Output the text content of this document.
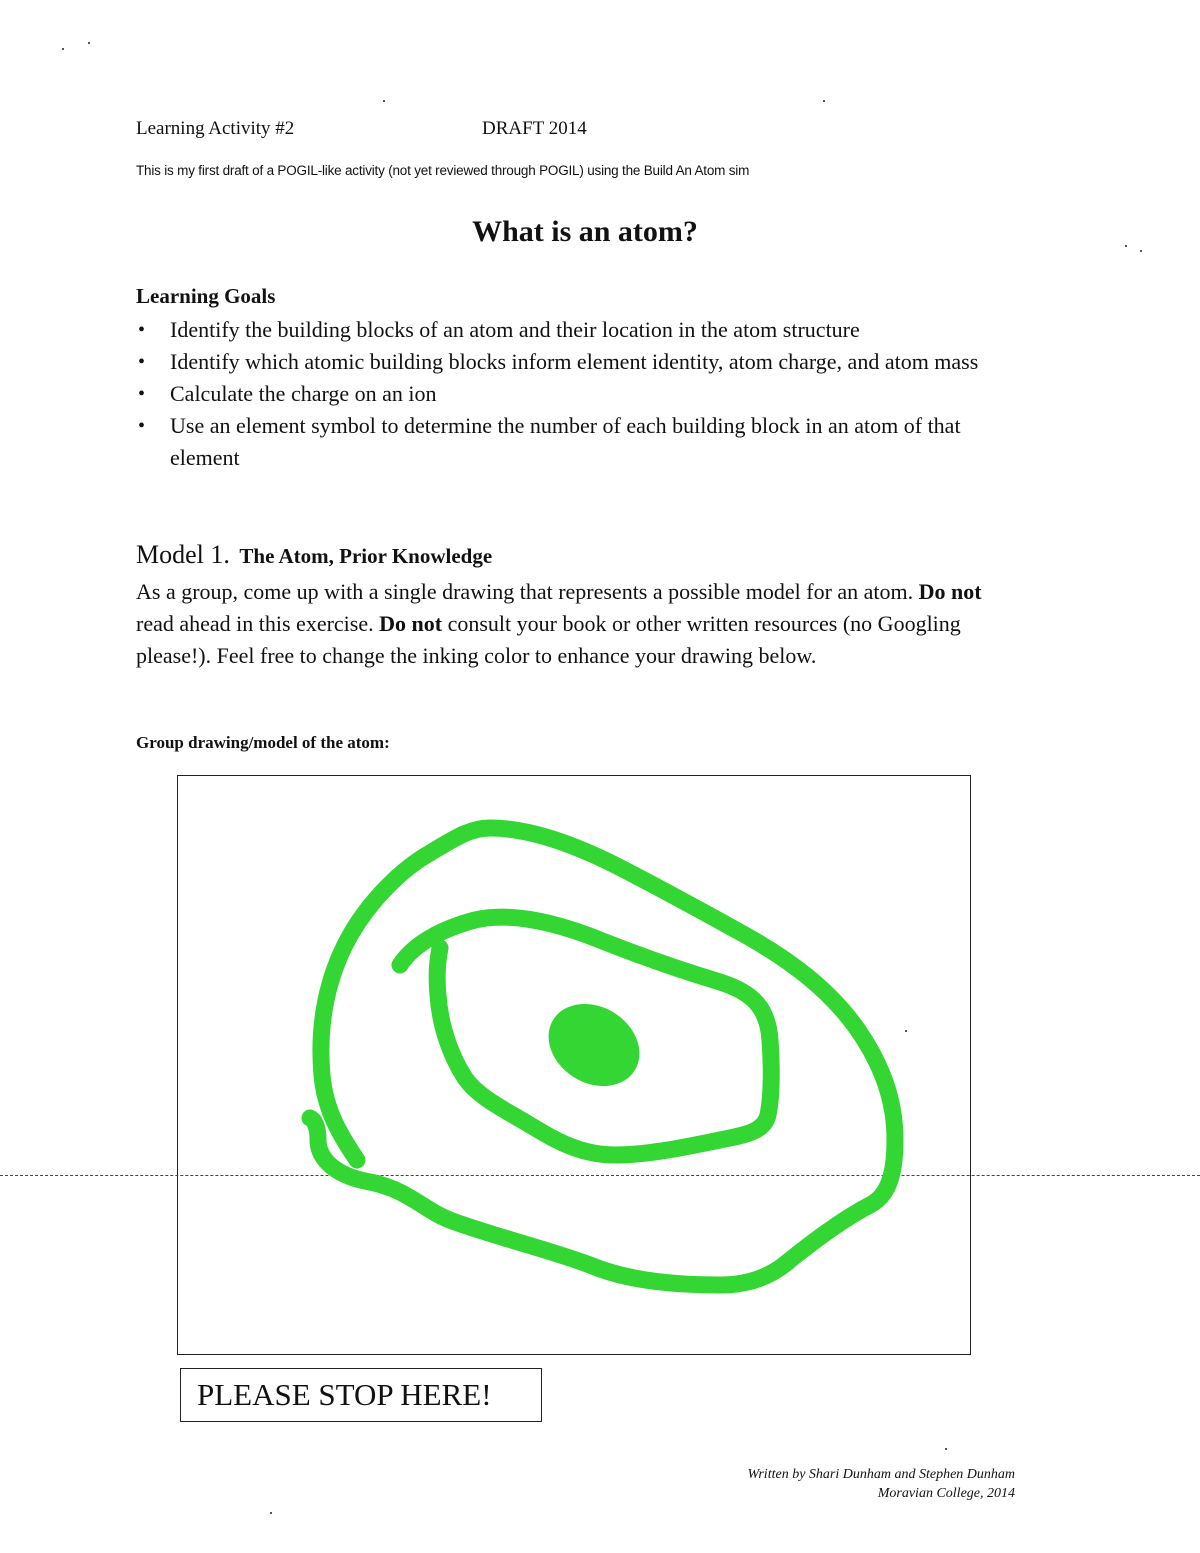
Learning Activity #2	DRAFT 2014
This is my first draft of a POGIL-like activity (not yet reviewed through POGIL) using the Build An Atom sim
What is an atom?
Learning Goals
• Identify the building blocks of an atom and their location in the atom structure
• Identify which atomic building blocks inform element identity, atom charge, and atom mass
• Calculate the charge on an ion
• Use an element symbol to determine the number of each building block in an atom of that element
Model 1. The Atom, Prior Knowledge
As a group, come up with a single drawing that represents a possible model for an atom. Do not read ahead in this exercise. Do not consult your book or other written resources (no Googling please!). Feel free to change the inking color to enhance your drawing below.
Group drawing/model of the atom:
PLEASE STOP HERE!
Written by Shari Dunham and Stephen Dunham
Moravian College, 2014
